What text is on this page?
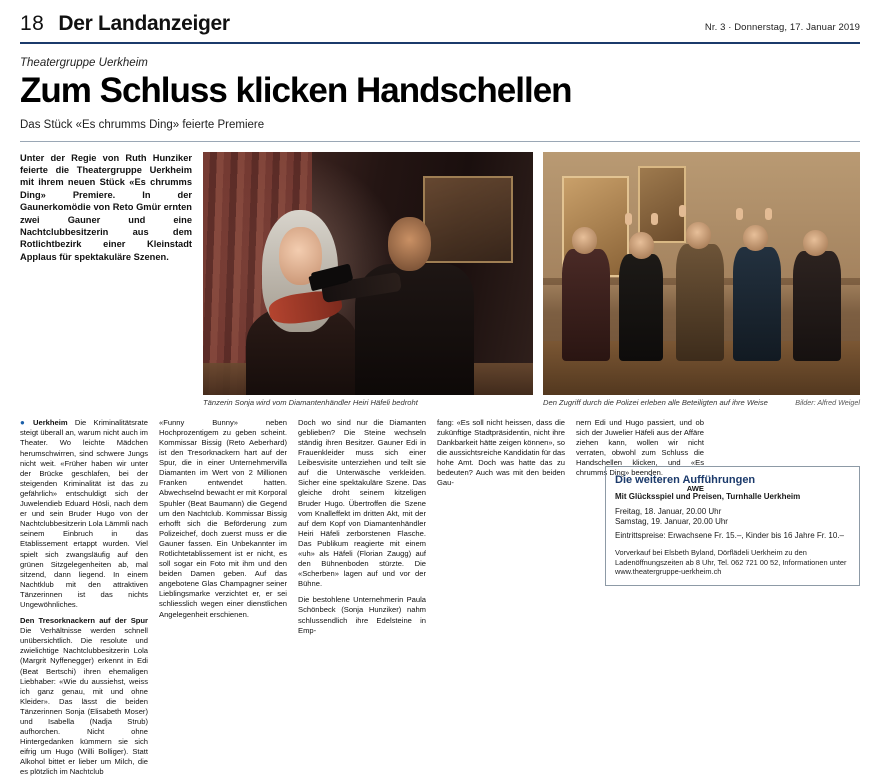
18 Der Landanzeiger	Nr. 3 · Donnerstag, 17. Januar 2019
Theatergruppe Uerkheim
Zum Schluss klicken Handschellen
Das Stück «Es chrumms Ding» feierte Premiere
Unter der Regie von Ruth Hunziker feierte die Theatergruppe Uerkheim mit ihrem neuen Stück «Es chrumms Ding» Premiere. In der Gaunerkomödie von Reto Gmür ernten zwei Gauner und eine Nachtclubbesitzerin aus dem Rotlichtbezirk einer Kleinstadt Applaus für spektakuläre Szenen.
Tänzerin Sonja wird vom Diamantenhändler Heiri Häfeli bedroht	Den Zugriff durch die Polizei erleben alle Beteiligten auf ihre Weise	Bilder: Alfred Weigel

● Uerkheim Die Kriminalitätsrate steigt überall an, warum nicht auch im Theater. Wo leichte Mädchen herumschwirren, sind schwere Jungs nicht weit. «Früher haben wir unter der Brücke geschlafen, bei der steigenden Kriminalität ist das zu gefährlich» entschuldigt sich der Juwelendieb Eduard Hösli, nach dem er und sein Bruder Hugo von der Nachtclubbesitzerin Lola Lämmli nach seinem Einbruch in das Etablissement ertappt wurden. Viel spielt sich zwangsläufig auf den grünen Sitzgelegenheiten ab, mal sitzend, dann liegend. In einem Nachtklub mit den attraktiven Tänzerinnen ist das nichts Ungewöhnliches.

Den Tresorknackern auf der Spur Die Verhältnisse werden schnell unübersichtlich. Die resolute und zwielichtige Nachtclubbesitzerin Lola (Margrit Nyffenegger) erkennt in Edi (Beat Bertschi) ihren ehemaligen Liebhaber: «Wie du aussiehst, weiss ich ganz genau, mit und ohne Kleider». Das lässt die beiden Tänzerinnen Sonja (Elisabeth Moser) und Isabella (Nadja Strub) aufhorchen. Nicht ohne Hintergedanken kümmern sie sich eifrig um Hugo (Willi Bolliger). Statt Alkohol bittet er lieber um Milch, die es plötzlich im Nachtclub

«Funny Bunny» neben Hochprozentigem zu geben scheint. Kommissar Bissig (Reto Aeberhard) ist den Tresorknackern hart auf der Spur, die in einer Unternehmervilla Diamanten im Wert von 2 Millionen Franken entwendet hatten. Abwechselnd bewacht er mit Korporal Spuhler (Beat Baumann) die Gegend um den Nachtclub. Kommissar Bissig erhofft sich die Beförderung zum Polizeichef, doch zuerst muss er die Gauner fassen. Ein Unbekannter im Rotlichtetablissement ist er nicht, es soll sogar ein Foto mit ihm und den beiden Damen geben. Auf das angebotene Glas Champagner seiner Lieblingsmarke verzichtet er, er sei schliesslich wegen einer dienstlichen Angelegenheit erschienen.

Doch wo sind nur die Diamanten geblieben? Die Steine wechseln ständig ihren Besitzer. Gauner Edi in Frauenkleider muss sich einer Leibesvisite unterziehen und teilt sie auf die Unterwäsche verkleiden. Sicher eine spektakuläre Szene. Das gleiche droht seinem kitzeligen Bruder Hugo. Übertroffen die Szene vom Knalleffekt im dritten Akt, mit der auf dem Kopf von Diamantenhändler Heiri Häfeli zerborstenen Flasche. Das Publikum reagierte mit einem «uh» als Häfeli (Florian Zaugg) auf den Bühnenboden stürzte. Die «Scherben» lagen auf und vor der Bühne.

Die bestohlene Unternehmerin Paula Schönbeck (Sonja Hunziker) nahm schlussendlich ihre Edelsteine in Emp-

fang: «Es soll nicht heissen, dass die zukünftige Stadtpräsidentin, nicht ihre Dankbarkeit hätte zeigen können», so die aussichtsreiche Kandidatin für das hohe Amt. Doch was hatte das zu bedeuten? Auch was mit den beiden Gau-

nern Edi und Hugo passiert, und ob sich der Juwelier Häfeli aus der Affäre ziehen kann, wollen wir nicht verraten, obwohl zum Schluss die Handschellen klicken, und «Es chrumms Ding» beenden.

AWE
Die weiteren Aufführungen

Mit Glücksspiel und Preisen, Turnhalle Uerkheim

Freitag, 18. Januar, 20.00 Uhr

Samstag, 19. Januar, 20.00 Uhr

Eintrittspreise: Erwachsene Fr. 15.–, Kinder bis 16 Jahre Fr. 10.–

Vorverkauf bei Elsbeth Byland, Dörflädeli Uerkheim zu den Ladenöffnungszeiten ab 8 Uhr, Tel. 062 721 00 52, Informationen unter www.theatergruppe-uerkheim.ch
